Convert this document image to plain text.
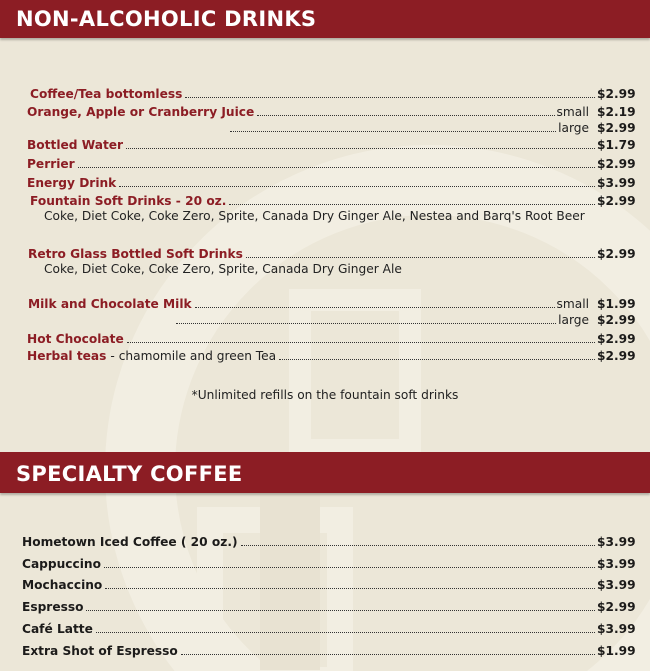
NON-ALCOHOLIC DRINKS
Coffee/Tea bottomless	$2.99
Orange, Apple or Cranberry Juice	small $2.19
large $2.99
Bottled Water	$1.79
Perrier	$2.99
Energy Drink	$3.99
Fountain Soft Drinks - 20 oz.	$2.99
Coke, Diet Coke, Coke Zero, Sprite, Canada Dry Ginger Ale, Nestea and Barq's Root Beer
Retro Glass Bottled Soft Drinks	$2.99
Coke, Diet Coke, Coke Zero, Sprite, Canada Dry Ginger Ale
Milk and Chocolate Milk	small $1.99
large $2.99
Hot Chocolate	$2.99
Herbal teas - chamomile and green Tea	$2.99
*Unlimited refills on the fountain soft drinks
SPECIALTY COFFEE
Hometown Iced Coffee ( 20 oz.)	$3.99
Cappuccino	$3.99
Mochaccino	$3.99
Espresso	$2.99
Café Latte	$3.99
Extra Shot of Espresso	$1.99
